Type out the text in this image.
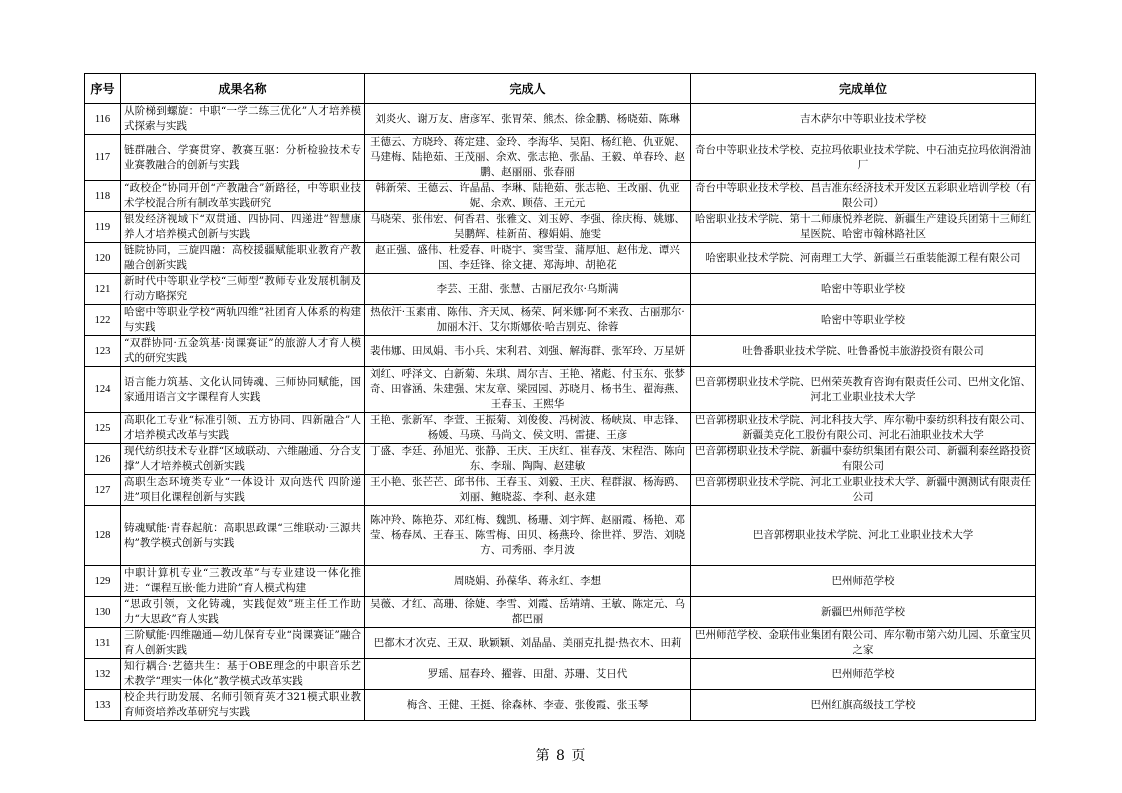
序号	成果名称	完成人	完成单位
116	从阶梯到螺旋：中职“一学二练三优化”人才培养模式探索与实践	刘炎火、谢万友、唐彦军、张胃荣、熊杰、徐金鹏、杨晓茹、陈琳	吉木萨尔中等职业技术学校
117	链群融合、学赛贯穿、教赛互驱：分析检验技术专业赛教融合的创新与实践	王德云、方晓玲、蒋定建、金玲、李海华、吴阳、杨红艳、仇亚妮、马建梅、陆艳茹、王茂丽、余欢、张志艳、张晶、王毅、单春玲、赵鹏、赵丽丽、张春丽	奇台中等职业技术学校、克拉玛依职业技术学院、中石油克拉玛依润滑油厂
118	“政校企”协同开创“产教融合”新路径，中等职业技术学校混合所有制改革实践研究	韩新荣、王德云、许晶晶、李琳、陆艳茹、张志艳、王改丽、仇亚妮、余欢、顾蓓、王元元	奇台中等职业技术学校、昌吉准东经济技术开发区五彩职业培训学校（有限公司）
119	银发经济视域下“双贯通、四协同、四递进”智慧康养人才培养模式创新与实践	马晓荣、张伟宏、何香君、张雅文、刘玉婷、李强、徐庆梅、姚娜、吴鹏辉、桂新苗、穆娟娟、施雯	哈密职业技术学院、第十二师康悦养老院、新疆生产建设兵团第十三师红星医院、哈密市翰林路社区
120	链院协同，三旋四融：高校援疆赋能职业教育产教融合创新实践	赵正强、盛伟、杜爱春、叶晓宇、窦雪莹、蒲厚旭、赵伟龙、谭兴国、李廷锋、徐文捷、郑海坤、胡艳花	哈密职业技术学院、河南理工大学、新疆兰石重装能源工程有限公司
121	新时代中等职业学校“三师型”教师专业发展机制及行动方略探究	李芸、王甜、张慧、古丽尼孜尔·乌斯满	哈密中等职业学校
122	哈密中等职业学校“两轨四维”社团育人体系的构建与实践	热依汗·玉素甫、陈伟、齐天凤、杨荣、阿米娜·阿不来孜、古丽那尔·加丽木汗、艾尔斯娜依·哈吉别克、徐蓉	哈密中等职业学校
123	“双群协同·五金筑基·岗课赛证”的旅游人才育人模式的研究实践	裴伟娜、田凤娟、韦小兵、宋利君、刘强、解海群、张军玲、万星妍	吐鲁番职业技术学院、吐鲁番悦丰旅游投资有限公司
124	语言能力筑基、文化认同铸魂、三师协同赋能，国家通用语言文字课程育人实践	刘红、呼泽文、白新菊、朱琪、周尔吉、王艳、褚彪、付玉东、张梦奇、田睿涵、朱建强、宋友章、梁园园、苏晓月、杨书生、翟海燕、王春玉、王熙华	巴音郭楞职业技术学院、巴州荣英教育咨询有限责任公司、巴州文化馆、河北工业职业技术大学
125	高职化工专业“标准引领、五方协同、四新融合”人才培养模式改革与实践	王艳、张新军、李萱、王振菊、刘俊俊、冯树波、杨峡岚、申志锋、杨媛、马瑛、马尚文、侯文明、雷捷、王彦	巴音郭楞职业技术学院、河北科技大学、库尔勒中泰纺织科技有限公司、新疆美克化工股份有限公司、河北石油职业技术大学
126	现代纺织技术专业群“区域联动、六维融通、分合支撑”人才培养模式创新实践	丁盛、李廷、孙旭光、张静、王庆、王庆红、崔春茂、宋程浩、陈向东、李瑞、陶陶、赵建敏	巴音郭楞职业技术学院、新疆中泰纺织集团有限公司、新疆利泰丝路投资有限公司
127	高职生态环境类专业“一体设计 双向迭代 四阶递进”项目化课程创新与实践	王小艳、张芒芒、邱书伟、王春玉、刘毅、王庆、程群淑、杨海鸥、刘丽、鲍晓蕊、李利、赵永建	巴音郭楞职业技术学院、河北工业职业技术大学、新疆中测测试有限责任公司
128	铸魂赋能·青春起航：高职思政课“三维联动·三源共构”教学模式创新与实践	陈冲羚、陈艳芬、邓红梅、魏凯、杨珊、刘宇辉、赵丽霞、杨艳、邓莹、杨春凤、王春玉、陈雪梅、田贝、杨燕玲、徐世祥、罗浩、刘晓方、司秀丽、李月波	巴音郭楞职业技术学院、河北工业职业技术大学
129	中职计算机专业“三教改革”与专业建设一体化推进：“课程互嵌·能力进阶”育人模式构建	周晓娟、孙葆华、蒋永红、李想	巴州师范学校
130	“思政引领，文化铸魂，实践促效”班主任工作助力“大思政”育人实践	吴薇、才红、高珊、徐婕、李雪、刘霞、岳靖靖、王敏、陈定元、乌都巴丽	新疆巴州师范学校
131	三阶赋能·四维融通—幼儿保育专业“岗课赛证”融合育人创新实践	巴都木才次克、王双、耿颖颖、刘晶晶、美丽克扎提·热衣木、田莉	巴州师范学校、金联伟业集团有限公司、库尔勒市第六幼儿园、乐童宝贝之家
132	知行耦合·艺德共生：基于OBE理念的中职音乐艺术教学“理实一体化”教学模式改革实践	罗瑶、屈春玲、擢蓉、田甜、苏珊、艾日代	巴州师范学校
133	校企共行助发展、名师引领育英才321模式职业教育师资培养改革研究与实践	梅含、王健、王挺、徐森林、李壶、张俊霞、张玉琴	巴州红旗高级技工学校
第 8 页
